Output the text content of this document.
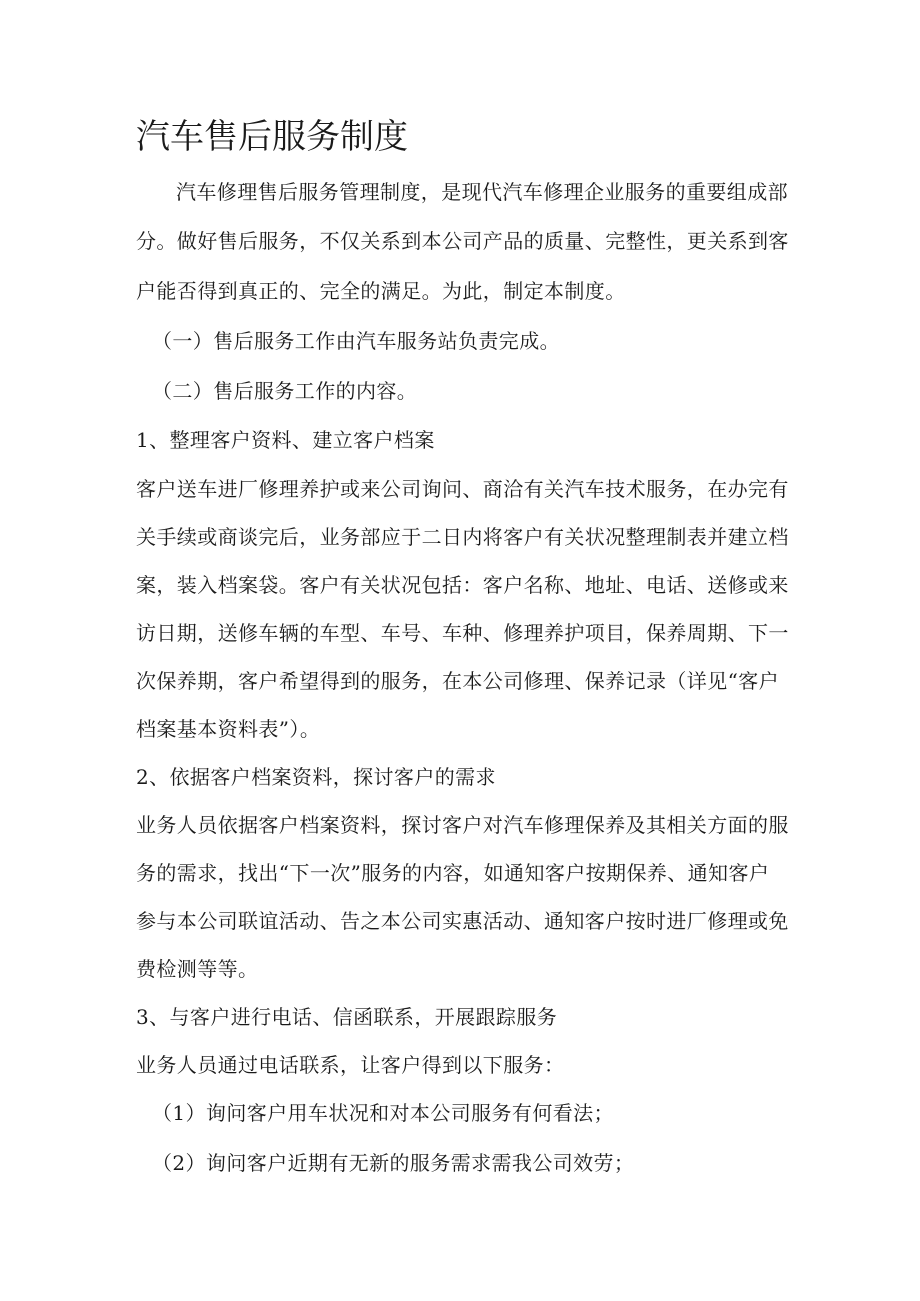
汽车售后服务制度
汽车修理售后服务管理制度，是现代汽车修理企业服务的重要组成部
分。做好售后服务，不仅关系到本公司产品的质量、完整性，更关系到客
户能否得到真正的、完全的满足。为此，制定本制度。
（一）售后服务工作由汽车服务站负责完成。
（二）售后服务工作的内容。
1、整理客户资料、建立客户档案
客户送车进厂修理养护或来公司询问、商洽有关汽车技术服务，在办完有
关手续或商谈完后，业务部应于二日内将客户有关状况整理制表并建立档
案，装入档案袋。客户有关状况包括：客户名称、地址、电话、送修或来
访日期，送修车辆的车型、车号、车种、修理养护项目，保养周期、下一
次保养期，客户希望得到的服务，在本公司修理、保养记录（详见“客户
档案基本资料表”）。
2、依据客户档案资料，探讨客户的需求
业务人员依据客户档案资料，探讨客户对汽车修理保养及其相关方面的服
务的需求，找出“下一次”服务的内容，如通知客户按期保养、通知客户
参与本公司联谊活动、告之本公司实惠活动、通知客户按时进厂修理或免
费检测等等。
3、与客户进行电话、信函联系，开展跟踪服务
业务人员通过电话联系，让客户得到以下服务：
（1）询问客户用车状况和对本公司服务有何看法；
（2）询问客户近期有无新的服务需求需我公司效劳；
